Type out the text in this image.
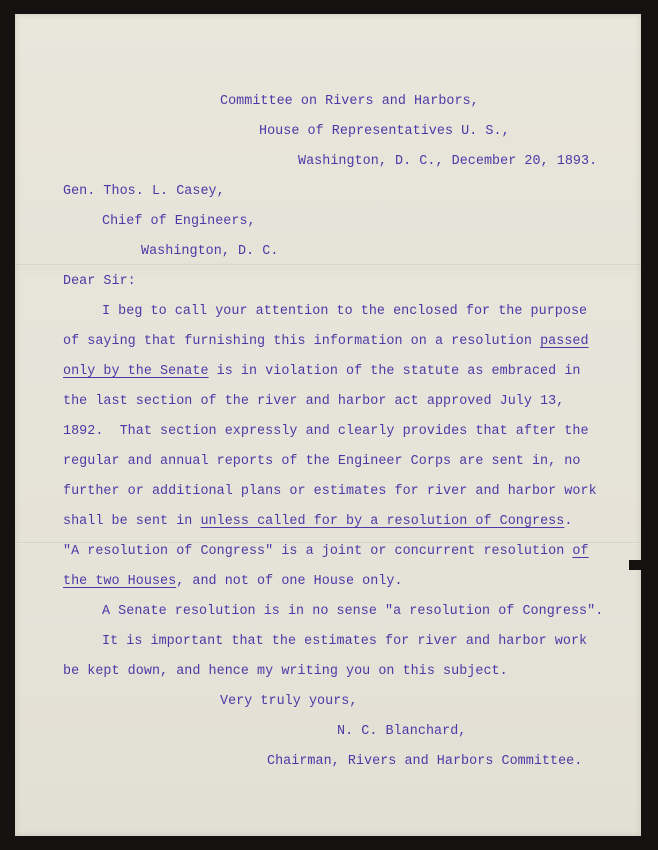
Committee on Rivers and Harbors,
House of Representatives U. S.,
Washington, D. C., December 20, 1893.
Gen. Thos. L. Casey,
Chief of Engineers,
Washington, D. C.
Dear Sir:
I beg to call your attention to the enclosed for the purpose
of saying that furnishing this information on a resolution passed
only by the Senate is in violation of the statute as embraced in
the last section of the river and harbor act approved July 13,
1892.  That section expressly and clearly provides that after the
regular and annual reports of the Engineer Corps are sent in, no
further or additional plans or estimates for river and harbor work
shall be sent in unless called for by a resolution of Congress.
"A resolution of Congress" is a joint or concurrent resolution of
the two Houses, and not of one House only.
A Senate resolution is in no sense "a resolution of Congress".
It is important that the estimates for river and harbor work
be kept down, and hence my writing you on this subject.
Very truly yours,
N. C. Blanchard,
Chairman, Rivers and Harbors Committee.
